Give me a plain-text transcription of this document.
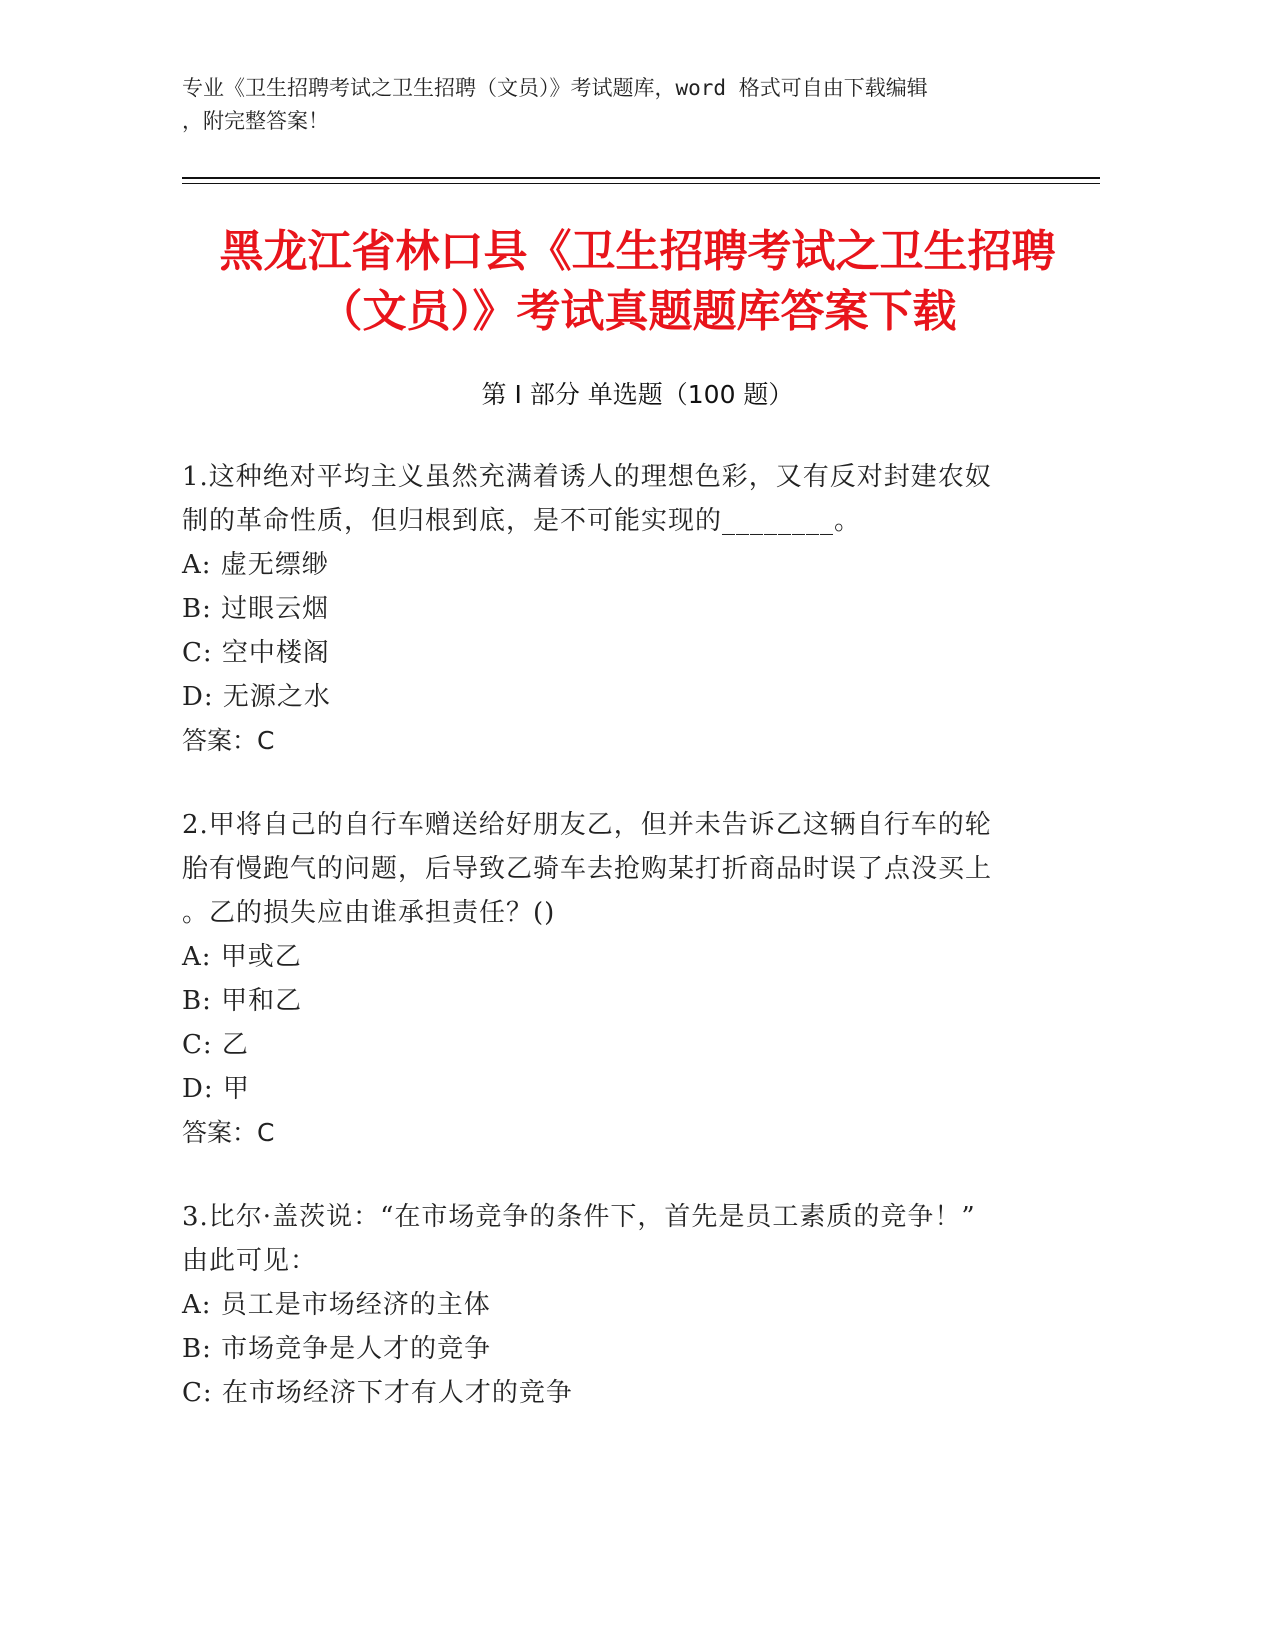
专业《卫生招聘考试之卫生招聘（文员）》考试题库，word 格式可自由下载编辑
，附完整答案！
黑龙江省林口县《卫生招聘考试之卫生招聘
（文员）》考试真题题库答案下载
第 I 部分 单选题（100 题）
1.这种绝对平均主义虽然充满着诱人的理想色彩，又有反对封建农奴
制的革命性质，但归根到底，是不可能实现的________。
A: 虚无缥缈
B: 过眼云烟
C: 空中楼阁
D: 无源之水
答案：C
2.甲将自己的自行车赠送给好朋友乙，但并未告诉乙这辆自行车的轮
胎有慢跑气的问题，后导致乙骑车去抢购某打折商品时误了点没买上
。乙的损失应由谁承担责任？()
A: 甲或乙
B: 甲和乙
C: 乙
D: 甲
答案：C
3.比尔·盖茨说：“在市场竞争的条件下，首先是员工素质的竞争！”
由此可见：
A: 员工是市场经济的主体
B: 市场竞争是人才的竞争
C: 在市场经济下才有人才的竞争
